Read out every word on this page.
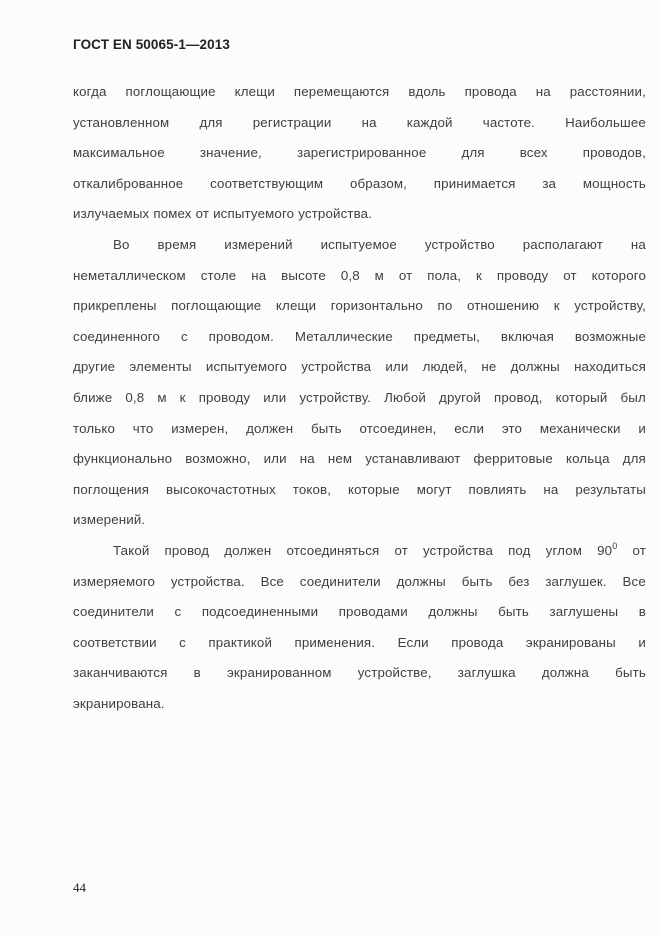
ГОСТ EN 50065-1—2013
когда поглощающие клещи перемещаются вдоль провода на расстоянии,
установленном для регистрации на каждой частоте. Наибольшее
максимальное	значение,	зарегистрированное	для	всех	проводов,
откалиброванное соответствующим образом, принимается за мощность
излучаемых помех от испытуемого устройства.
Во время измерений испытуемое устройство располагают на
неметаллическом столе на высоте 0,8 м от пола, к проводу от которого
прикреплены поглощающие клещи горизонтально по отношению к устройству,
соединенного с проводом. Металлические предметы, включая возможные
другие элементы испытуемого устройства или людей, не должны находиться
ближе 0,8 м к проводу или устройству. Любой другой провод, который был
только что измерен, должен быть отсоединен, если это механически и
функционально возможно, или на нем устанавливают ферритовые кольца для
поглощения высокочастотных токов, которые могут повлиять на результаты
измерений.
Такой провод должен отсоединяться от устройства под углом $90^0$ от
измеряемого устройства. Все соединители должны быть без заглушек. Все
соединители с подсоединенными проводами должны быть заглушены в
соответствии с практикой применения. Если провода экранированы и
заканчиваются в экранированном устройстве, заглушка должна быть
экранирована.
44
